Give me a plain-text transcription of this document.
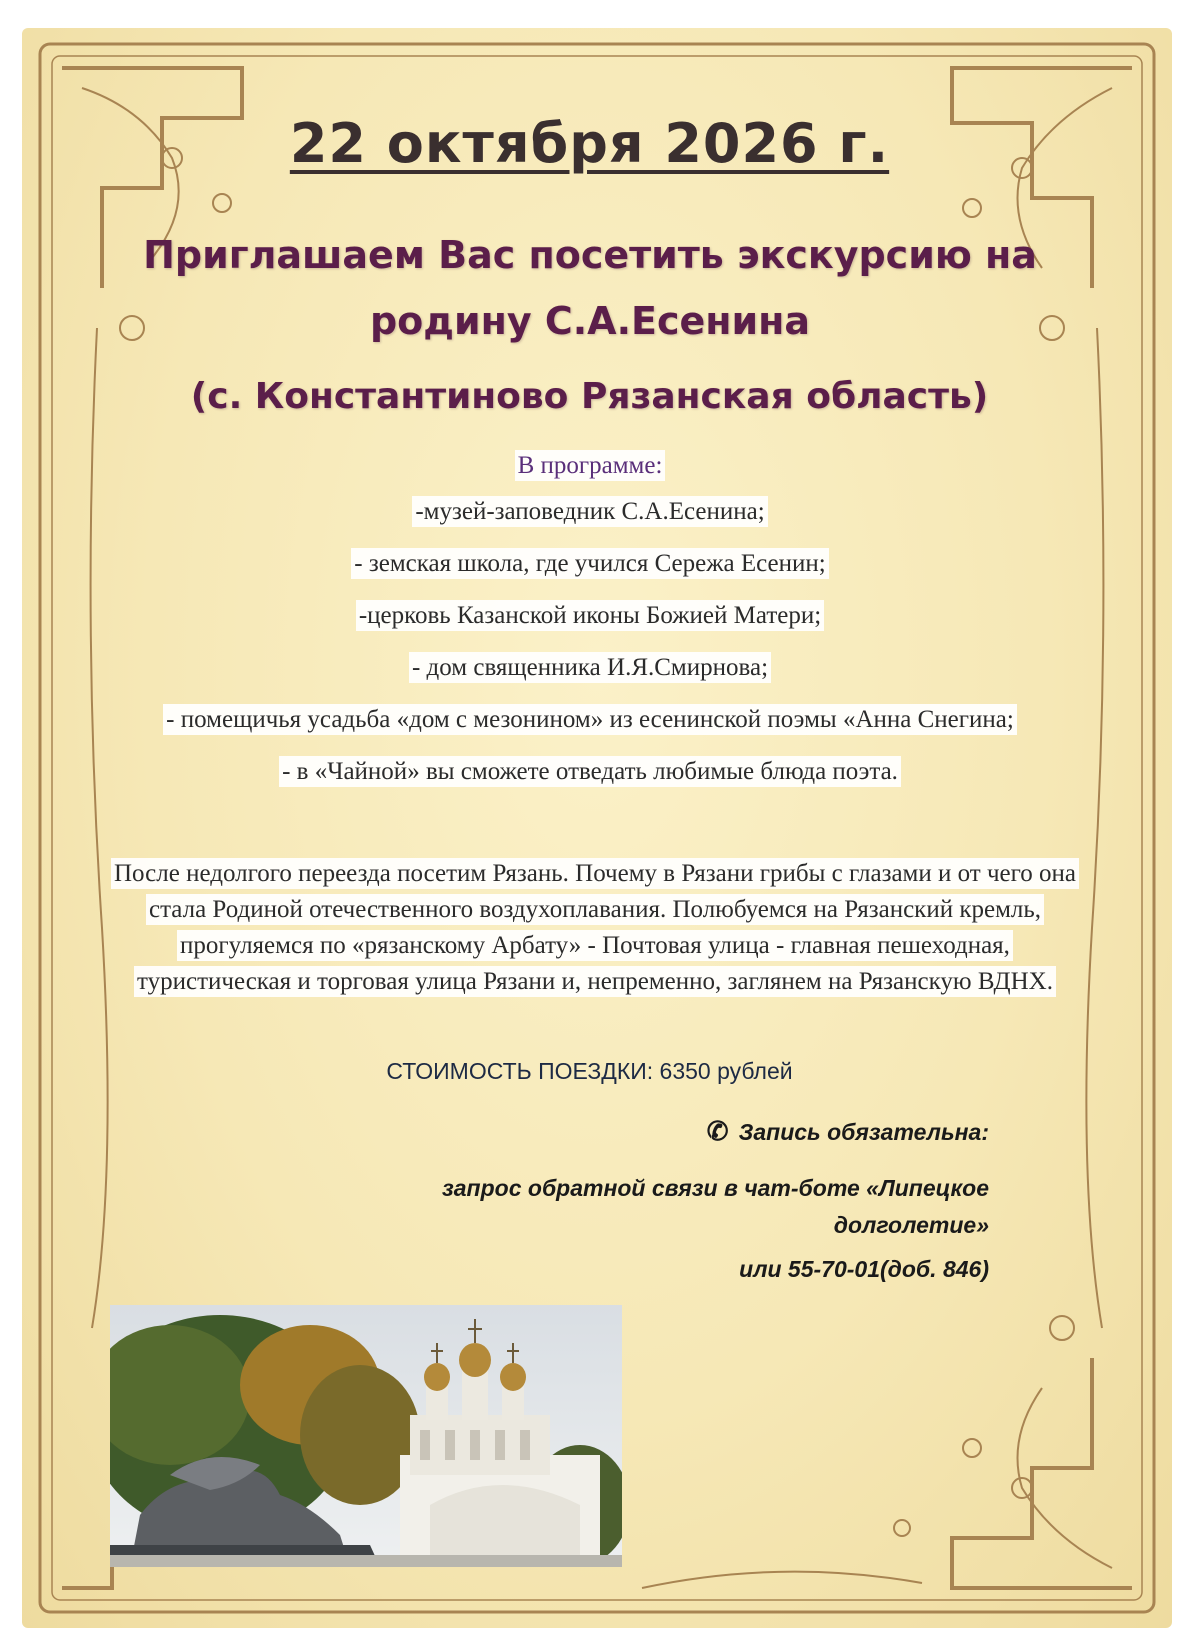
22 октября 2026 г.
Приглашаем Вас посетить экскурсию на родину С.А.Есенина
(с. Константиново Рязанская область)
В программе:
-музей-заповедник С.А.Есенина;
- земская школа, где учился Сережа Есенин;
-церковь Казанской иконы Божией Матери;
- дом священника И.Я.Смирнова;
- помещичья усадьба «дом с мезонином» из есенинской поэмы «Анна Снегина;
- в «Чайной» вы сможете отведать любимые блюда поэта.
После недолгого переезда посетим Рязань. Почему в Рязани грибы с глазами и от чего она стала Родиной отечественного воздухоплавания. Полюбуемся на Рязанский кремль, прогуляемся по «рязанскому Арбату» - Почтовая улица - главная пешеходная, туристическая и торговая улица Рязани и, непременно, заглянем на Рязанскую ВДНХ.
СТОИМОСТЬ ПОЕЗДКИ: 6350 рублей
✆ Запись обязательна:
запрос обратной связи в чат-боте «Липецкое долголетие»
или 55-70-01(доб. 846)
